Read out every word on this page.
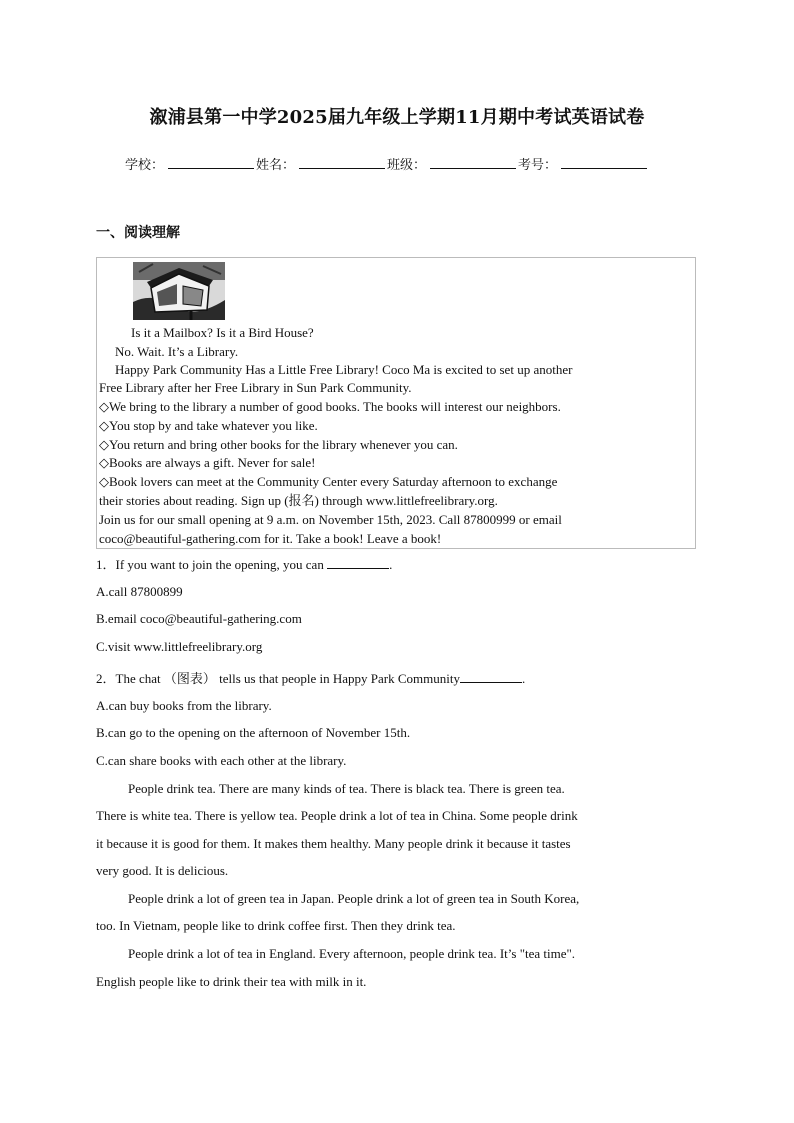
溆浦县第一中学2025届九年级上学期11月期中考试英语试卷
学校：	姓名：	班级：	考号：
一、阅读理解
Is it a Mailbox? Is it a Bird House?
No. Wait. It’s a Library.
Happy Park Community Has a Little Free Library! Coco Ma is excited to set up another
Free Library after her Free Library in Sun Park Community.
◇We bring to the library a number of good books. The books will interest our neighbors.
◇You stop by and take whatever you like.
◇You return and bring other books for the library whenever you can.
◇Books are always a gift. Never for sale!
◇Book lovers can meet at the Community Center every Saturday afternoon to exchange
their stories about reading. Sign up (报名) through www.littlefreelibrary.org.
Join us for our small opening at 9 a.m. on November 15th, 2023. Call 87800999 or email
coco@beautiful-gathering.com for it. Take a book! Leave a book!
1．If you want to join the opening, you can	.
A.call 87800899
B.email coco@beautiful-gathering.com
C.visit www.littlefreelibrary.org
2．The chat （图表） tells us that people in Happy Park Community	.
A.can buy books from the library.
B.can go to the opening on the afternoon of November 15th.
C.can share books with each other at the library.
People drink tea. There are many kinds of tea. There is black tea. There is green tea.
There is white tea. There is yellow tea. People drink a lot of tea in China. Some people drink
it because it is good for them. It makes them healthy. Many people drink it because it tastes
very good. It is delicious.
People drink a lot of green tea in Japan. People drink a lot of green tea in South Korea,
too. In Vietnam, people like to drink coffee first. Then they drink tea.
People drink a lot of tea in England. Every afternoon, people drink tea. It’s "tea time".
English people like to drink their tea with milk in it.
